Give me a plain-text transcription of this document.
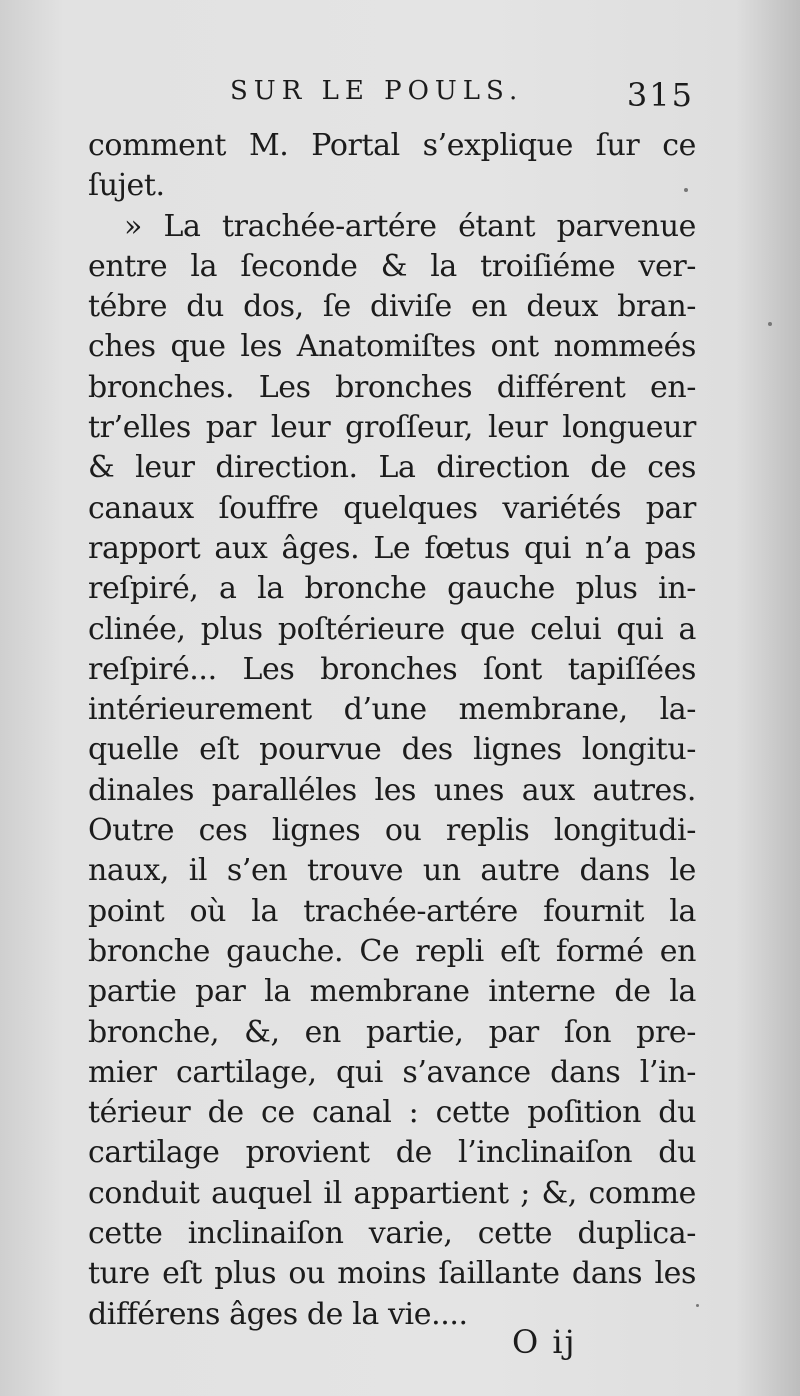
SUR LE POULS.	315
comment M. Portal s’explique ſur ce
ſujet.
» La trachée-artére étant parvenue
entre la ſeconde & la troiſiéme ver-
tébre du dos, ſe diviſe en deux bran-
ches que les Anatomiſtes ont nommeés
bronches. Les bronches différent en-
tr’elles par leur groſſeur, leur longueur
& leur direction. La direction de ces
canaux ſouffre quelques variétés par
rapport aux âges. Le fœtus qui n’a pas
reſpiré, a la bronche gauche plus in-
clinée, plus poſtérieure que celui qui a
reſpiré... Les bronches ſont tapiſſées
intérieurement d’une membrane, la-
quelle eſt pourvue des lignes longitu-
dinales paralléles les unes aux autres.
Outre ces lignes ou replis longitudi-
naux, il s’en trouve un autre dans le
point où la trachée-artére fournit la
bronche gauche. Ce repli eſt formé en
partie par la membrane interne de la
bronche, &, en partie, par ſon pre-
mier cartilage, qui s’avance dans l’in-
térieur de ce canal : cette poſition du
cartilage provient de l’inclinaiſon du
conduit auquel il appartient ; &, comme
cette inclinaiſon varie, cette duplica-
ture eſt plus ou moins ſaillante dans les
différens âges de la vie....
O ij
